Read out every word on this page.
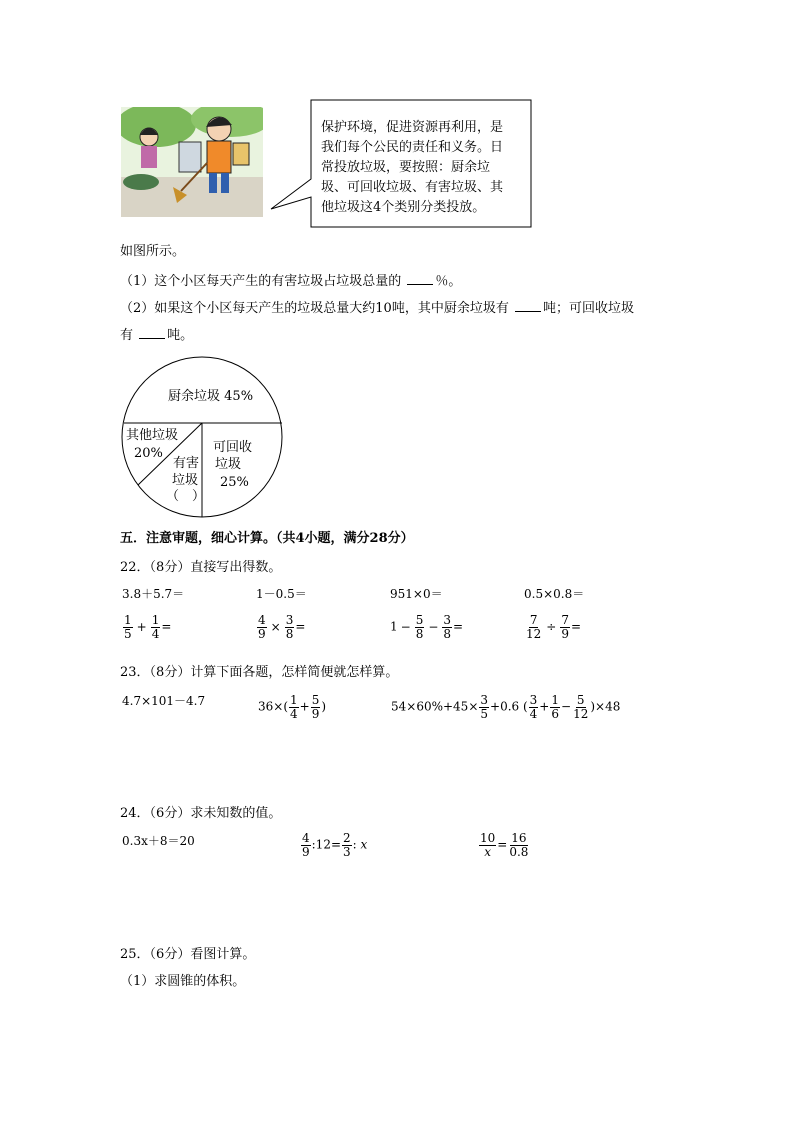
保护环境，促进资源再利用，是
我们每个公民的责任和义务。日
常投放垃圾，要按照：厨余垃
圾、可回收垃圾、有害垃圾、其
他垃圾这4个类别分类投放。
如图所示。
（1）这个小区每天产生的有害垃圾占垃圾总量的 ％。
（2）如果这个小区每天产生的垃圾总量大约10吨，其中厨余垃圾有 吨；可回收垃圾
有 吨。
厨余垃圾 45%
其他垃圾
20%	可回收
垃圾
25%
有害
垃圾
（　）
五．注意审题，细心计算。（共4小题，满分28分）
22．（8分）直接写出得数。
3.8＋5.7＝	1－0.5＝	951×0＝	0.5×0.8＝
$\frac{1}{5} + \frac{1}{4}$ =	$\frac{4}{9} \times \frac{3}{8}$ =	$1 - \frac{5}{8} - \frac{3}{8}$ =	$\frac{7}{12} \div \frac{7}{9}$ =
23．（8分）计算下面各题，怎样简便就怎样算。
4.7×101－4.7	$36\times( \frac{1}{4} + \frac{5}{9}$ )	$54\times 60\%+45\times \frac{3}{5} +0.6$ ( $\frac{3}{4} + \frac{1}{6} - \frac{5}{12} )\times 48$
24．（6分）求未知数的值。
0.3x＋8＝20	$\frac{4}{9}$ :12= $\frac{2}{3}$ : x	$\frac{10}{x} = \frac{16}{0.8}$
25．（6分）看图计算。
（1）求圆锥的体积。
